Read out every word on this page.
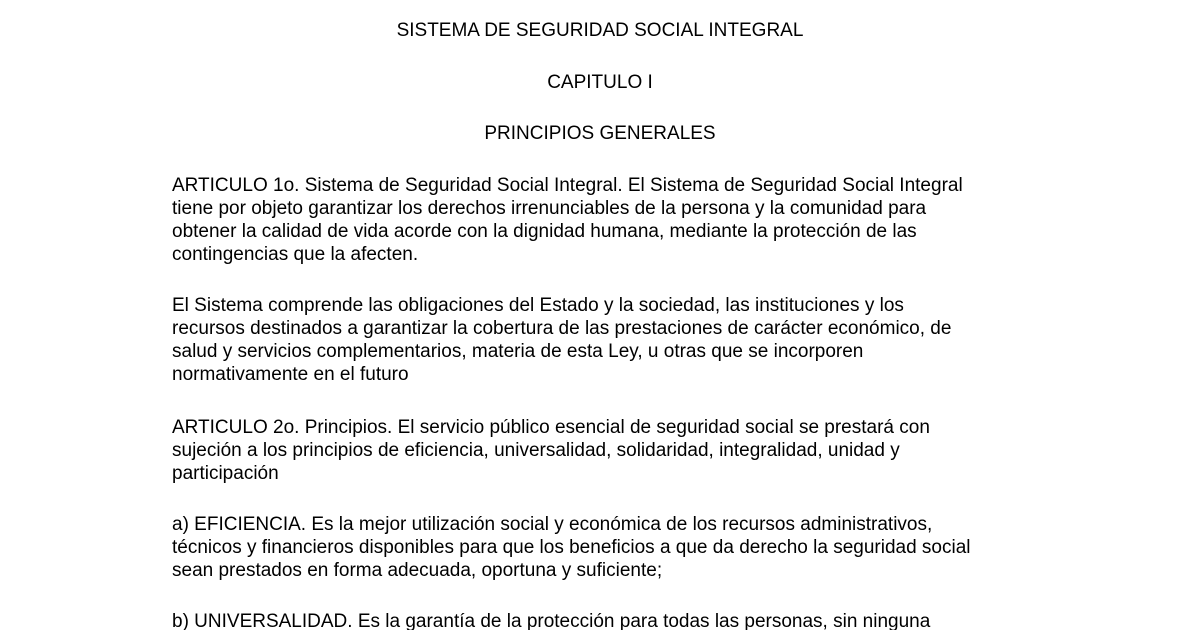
SISTEMA DE SEGURIDAD SOCIAL INTEGRAL
CAPITULO I
PRINCIPIOS GENERALES

ARTICULO 1o. Sistema de Seguridad Social Integral. El Sistema de Seguridad Social Integral
tiene por objeto garantizar los derechos irrenunciables de la persona y la comunidad para
obtener la calidad de vida acorde con la dignidad humana, mediante la protección de las
contingencias que la afecten.

El Sistema comprende las obligaciones del Estado y la sociedad, las instituciones y los
recursos destinados a garantizar la cobertura de las prestaciones de carácter económico, de
salud y servicios complementarios, materia de esta Ley, u otras que se incorporen
normativamente en el futuro

ARTICULO 2o. Principios. El servicio público esencial de seguridad social se prestará con
sujeción a los principios de eficiencia, universalidad, solidaridad, integralidad, unidad y
participación

a) EFICIENCIA. Es la mejor utilización social y económica de los recursos administrativos,
técnicos y financieros disponibles para que los beneficios a que da derecho la seguridad social
sean prestados en forma adecuada, oportuna y suficiente;

b) UNIVERSALIDAD. Es la garantía de la protección para todas las personas, sin ninguna
